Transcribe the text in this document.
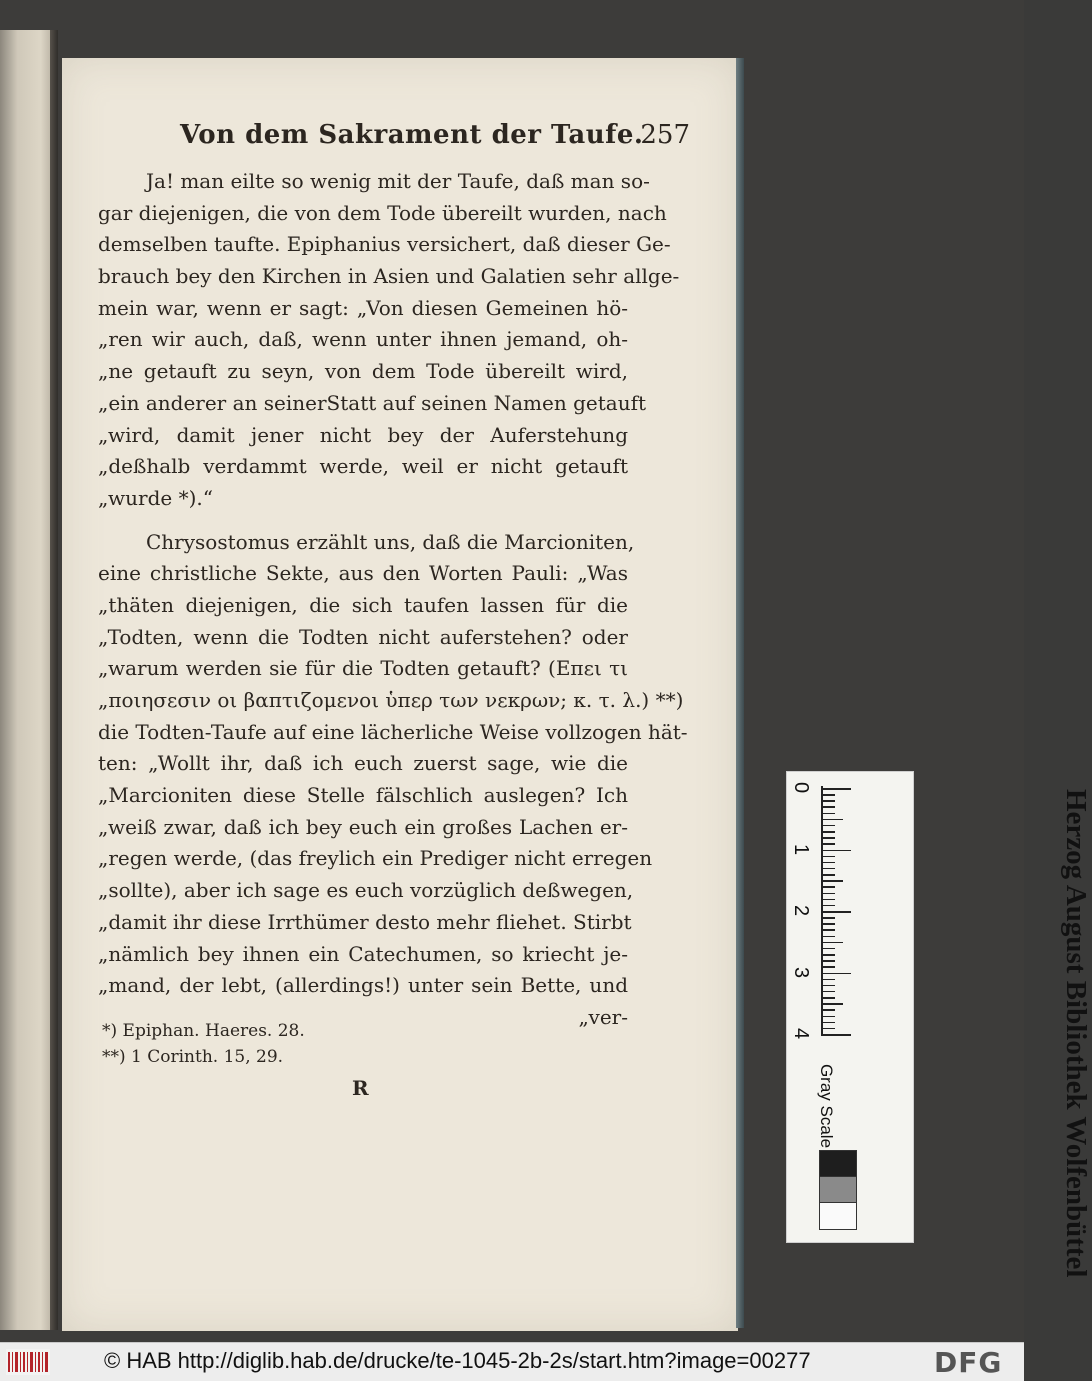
Von dem Sakrament der Taufe.
257
Ja! man eilte so wenig mit der Taufe, daß man so-
gar diejenigen, die von dem Tode übereilt wurden, nach
demselben taufte. Epiphanius versichert, daß dieser Ge-
brauch bey den Kirchen in Asien und Galatien sehr allge-
mein war, wenn er sagt: „Von diesen Gemeinen hö-
„ren wir auch, daß, wenn unter ihnen jemand, oh-
„ne getauft zu seyn, von dem Tode übereilt wird,
„ein anderer an seinerStatt auf seinen Namen getauft
„wird, damit jener nicht bey der Auferstehung
„deßhalb verdammt werde, weil er nicht getauft
„wurde *).“
Chrysostomus erzählt uns, daß die Marcioniten,
eine christliche Sekte, aus den Worten Pauli: „Was
„thäten diejenigen, die sich taufen lassen für die
„Todten, wenn die Todten nicht auferstehen? oder
„warum werden sie für die Todten getauft? (Επει τι
„ποιησεσιν οι βαπτιζομενοι ὑπερ των νεκρων; κ. τ. λ.) **)
die Todten-Taufe auf eine lächerliche Weise vollzogen hät-
ten: „Wollt ihr, daß ich euch zuerst sage, wie die
„Marcioniten diese Stelle fälschlich auslegen? Ich
„weiß zwar, daß ich bey euch ein großes Lachen er-
„regen werde, (das freylich ein Prediger nicht erregen
„sollte), aber ich sage es euch vorzüglich deßwegen,
„damit ihr diese Irrthümer desto mehr fliehet. Stirbt
„nämlich bey ihnen ein Catechumen, so kriecht je-
„mand, der lebt, (allerdings!) unter sein Bette, und
„ver-
*) Epiphan. Haeres. 28.
**) 1 Corinth. 15, 29.
R
0
1
2
3
4	Herzog August Bibliothek Wolfenbüttel
Gray Scale
© HAB http://diglib.hab.de/drucke/te-1045-2b-2s/start.htm?image=00277	DFG
